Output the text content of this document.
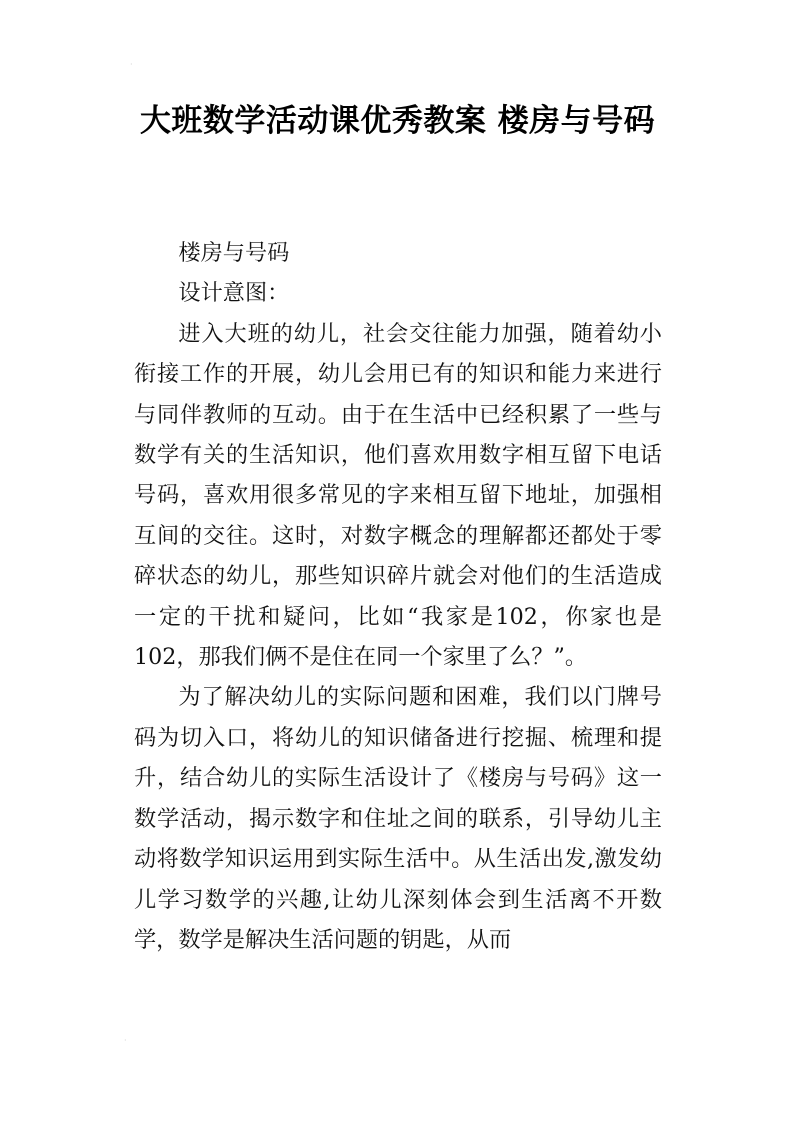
·
大班数学活动课优秀教案 楼房与号码

楼房与号码

设计意图：

进入大班的幼儿，社会交往能力加强，随着幼小衔接工作的开展，幼儿会用已有的知识和能力来进行与同伴教师的互动。由于在生活中已经积累了一些与数学有关的生活知识，他们喜欢用数字相互留下电话号码，喜欢用很多常见的字来相互留下地址，加强相互间的交往。这时，对数字概念的理解都还都处于零碎状态的幼儿，那些知识碎片就会对他们的生活造成一定的干扰和疑问，比如“我家是102，你家也是102，那我们俩不是住在同一个家里了么？”。

为了解决幼儿的实际问题和困难，我们以门牌号码为切入口，将幼儿的知识储备进行挖掘、梳理和提升，结合幼儿的实际生活设计了《楼房与号码》这一数学活动，揭示数字和住址之间的联系，引导幼儿主动将数学知识运用到实际生活中。从生活出发,激发幼儿学习数学的兴趣,让幼儿深刻体会到生活离不开数学，数学是解决生活问题的钥匙，从而

·
